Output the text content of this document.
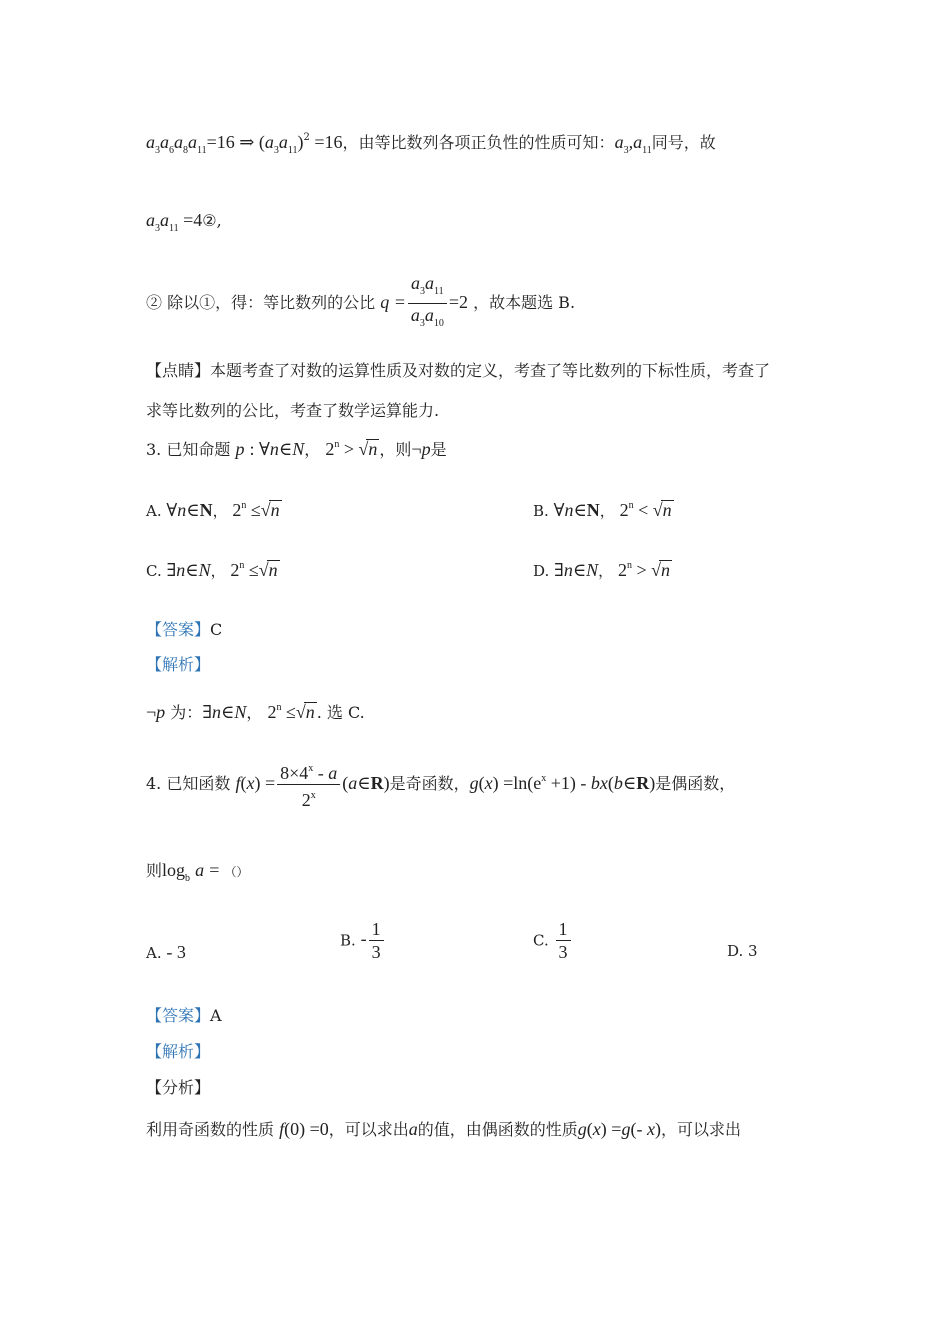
$a_3a_6a_8a_{11}=16$ ⇒ $(a_3a_{11})^2 =16$，由等比数列各项正负性的性质可知：$a_3,a_{11}$同号，故
$a_3a_{11}$ =4②,
② 除以①，得：等比数列的公比 $q = \frac{a_3a_{11}}{a_3a_{10}} =2$ ，故本题选 B.
【点睛】本题考查了对数的运算性质及对数的定义，考查了等比数列的下标性质，考查了
求等比数列的公比，考查了数学运算能力.
3. 已知命题 p : ∀n∈N， $2^n > √n$ ，则¬p是
A. ∀n∈N， $2^n \le√n$	B. ∀n∈N， $2^n < √n$
C. ∃n∈N， $2^n \le√n$	D. ∃n∈N， $2^n > √n$
【答案】C
【解析】
¬p 为：∃n∈N， $2^n \le√n$ . 选 C.
4. 已知函数 $f(x) = \frac{8\times 4^x - a}{2^x}$ (a∈R)是奇函数，$g(x) =\ln(e^x +1)$ - bx(b∈R)是偶函数，
则$\log_b a$ = （）
A. - 3
B. - $\frac{1}{3}$	C. $\frac{1}{3}$	D. 3
【答案】A
【解析】
【分析】
利用奇函数的性质 f(0) =0，可以求出a的值，由偶函数的性质g(x) =g(- x)，可以求出
